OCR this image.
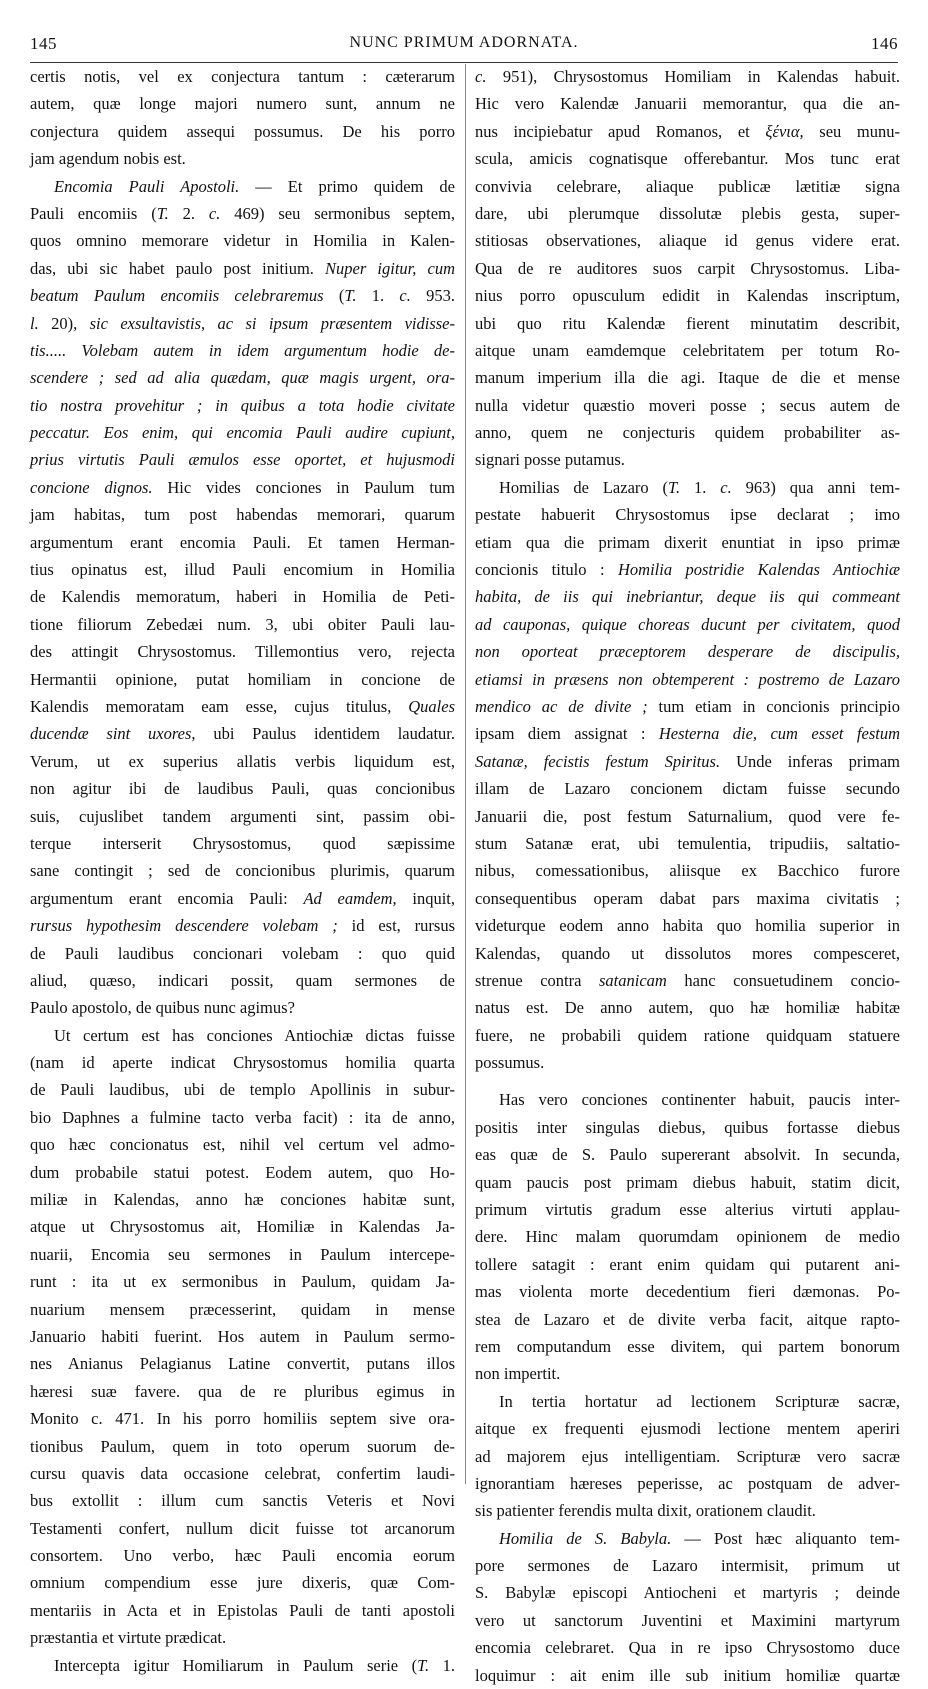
145	NUNC PRIMUM ADORNATA.	146
certis notis, vel ex conjectura tantum : cæterarum
autem, quæ longe majori numero sunt, annum ne
conjectura quidem assequi possumus. De his porro
jam agendum nobis est.
Encomia Pauli Apostoli. — Et primo quidem de
Pauli encomiis (T. 2. c. 469) seu sermonibus septem,
quos omnino memorare videtur in Homilia in Kalen-
das, ubi sic habet paulo post initium. Nuper igitur, cum
beatum Paulum encomiis celebraremus (T. 1. c. 953.
l. 20), sic exsultavistis, ac si ipsum præsentem vidisse-
tis..... Volebam autem in idem argumentum hodie de-
scendere ; sed ad alia quædam, quæ magis urgent, ora-
tio nostra provehitur ; in quibus a tota hodie civitate
peccatur. Eos enim, qui encomia Pauli audire cupiunt,
prius virtutis Pauli æmulos esse oportet, et hujusmodi
concione dignos. Hic vides conciones in Paulum tum
jam habitas, tum post habendas memorari, quarum
argumentum erant encomia Pauli. Et tamen Herman-
tius opinatus est, illud Pauli encomium in Homilia
de Kalendis memoratum, haberi in Homilia de Peti-
tione filiorum Zebedæi num. 3, ubi obiter Pauli lau-
des attingit Chrysostomus. Tillemontius vero, rejecta
Hermantii opinione, putat homiliam in concione de
Kalendis memoratam eam esse, cujus titulus, Quales
ducendæ sint uxores, ubi Paulus identidem laudatur.
Verum, ut ex superius allatis verbis liquidum est,
non agitur ibi de laudibus Pauli, quas concionibus
suis, cujuslibet tandem argumenti sint, passim obi-
terque interserit Chrysostomus, quod sæpissime
sane contingit ; sed de concionibus plurimis, quarum
argumentum erant encomia Pauli: Ad eamdem, inquit,
rursus hypothesim descendere volebam ; id est, rursus
de Pauli laudibus concionari volebam : quo quid
aliud, quæso, indicari possit, quam sermones de
Paulo apostolo, de quibus nunc agimus?
Ut certum est has conciones Antiochiæ dictas fuisse
(nam id aperte indicat Chrysostomus homilia quarta
de Pauli laudibus, ubi de templo Apollinis in subur-
bio Daphnes a fulmine tacto verba facit) : ita de anno,
quo hæc concionatus est, nihil vel certum vel admo-
dum probabile statui potest. Eodem autem, quo Ho-
miliæ in Kalendas, anno hæ conciones habitæ sunt,
atque ut Chrysostomus ait, Homiliæ in Kalendas Ja-
nuarii, Encomia seu sermones in Paulum intercepe-
runt : ita ut ex sermonibus in Paulum, quidam Ja-
nuarium mensem præcesserint, quidam in mense
Januario habiti fuerint. Hos autem in Paulum sermo-
nes Anianus Pelagianus Latine convertit, putans illos
hæresi suæ favere. qua de re pluribus egimus in
Monito c. 471. In his porro homiliis septem sive ora-
tionibus Paulum, quem in toto operum suorum de-
cursu quavis data occasione celebrat, confertim laudi-
bus extollit : illum cum sanctis Veteris et Novi
Testamenti confert, nullum dicit fuisse tot arcanorum
consortem. Uno verbo, hæc Pauli encomia eorum
omnium compendium esse jure dixeris, quæ Com-
mentariis in Acta et in Epistolas Pauli de tanti apostoli
præstantia et virtute prædicat.
Intercepta igitur Homiliarum in Paulum serie (T. 1.
c. 951), Chrysostomus Homiliam in Kalendas habuit.
Hic vero Kalendæ Januarii memorantur, qua die an-
nus incipiebatur apud Romanos, et ξένια, seu munu-
scula, amicis cognatisque offerebantur. Mos tunc erat
convivia celebrare, aliaque publicæ lætitiæ signa
dare, ubi plerumque dissolutæ plebis gesta, super-
stitiosas observationes, aliaque id genus videre erat.
Qua de re auditores suos carpit Chrysostomus. Liba-
nius porro opusculum edidit in Kalendas inscriptum,
ubi quo ritu Kalendæ fierent minutatim describit,
aitque unam eamdemque celebritatem per totum Ro-
manum imperium illa die agi. Itaque de die et mense
nulla videtur quæstio moveri posse ; secus autem de
anno, quem ne conjecturis quidem probabiliter as-
signari posse putamus.
Homilias de Lazaro (T. 1. c. 963) qua anni tem-
pestate habuerit Chrysostomus ipse declarat ; imo
etiam qua die primam dixerit enuntiat in ipso primæ
concionis titulo : Homilia postridie Kalendas Antiochiæ
habita, de iis qui inebriantur, deque iis qui commeant
ad cauponas, quique choreas ducunt per civitatem, quod
non oporteat præceptorem desperare de discipulis,
etiamsi in præsens non obtemperent : postremo de Lazaro
mendico ac de divite ; tum etiam in concionis principio
ipsam diem assignat : Hesterna die, cum esset festum
Satanæ, fecistis festum Spiritus. Unde inferas primam
illam de Lazaro concionem dictam fuisse secundo
Januarii die, post festum Saturnalium, quod vere fe-
stum Satanæ erat, ubi temulentia, tripudiis, saltatio-
nibus, comessationibus, aliisque ex Bacchico furore
consequentibus operam dabat pars maxima civitatis ;
videturque eodem anno habita quo homilia superior in
Kalendas, quando ut dissolutos mores compesceret,
strenue contra satanicam hanc consuetudinem concio-
natus est. De anno autem, quo hæ homiliæ habitæ
fuere, ne probabili quidem ratione quidquam statuere
possumus.
Has vero conciones continenter habuit, paucis inter-
positis inter singulas diebus, quibus fortasse diebus
eas quæ de S. Paulo supererant absolvit. In secunda,
quam paucis post primam diebus habuit, statim dicit,
primum virtutis gradum esse alterius virtuti applau-
dere. Hinc malam quorumdam opinionem de medio
tollere satagit : erant enim quidam qui putarent ani-
mas violenta morte decedentium fieri dæmonas. Po-
stea de Lazaro et de divite verba facit, aitque rapto-
rem computandum esse divitem, qui partem bonorum
non impertit.
In tertia hortatur ad lectionem Scripturæ sacræ,
aitque ex frequenti ejusmodi lectione mentem aperiri
ad majorem ejus intelligentiam. Scripturæ vero sacræ
ignorantiam hæreses peperisse, ac postquam de adver-
sis patienter ferendis multa dixit, orationem claudit.
Homilia de S. Babyla. — Post hæc aliquanto tem-
pore sermones de Lazaro intermisit, primum ut
S. Babylæ episcopi Antiocheni et martyris ; deinde
vero ut sanctorum Juventini et Maximini martyrum
encomia celebraret. Qua in re ipso Chrysostomo duce
loquimur : ait enim ille sub initium homiliæ quartæ
